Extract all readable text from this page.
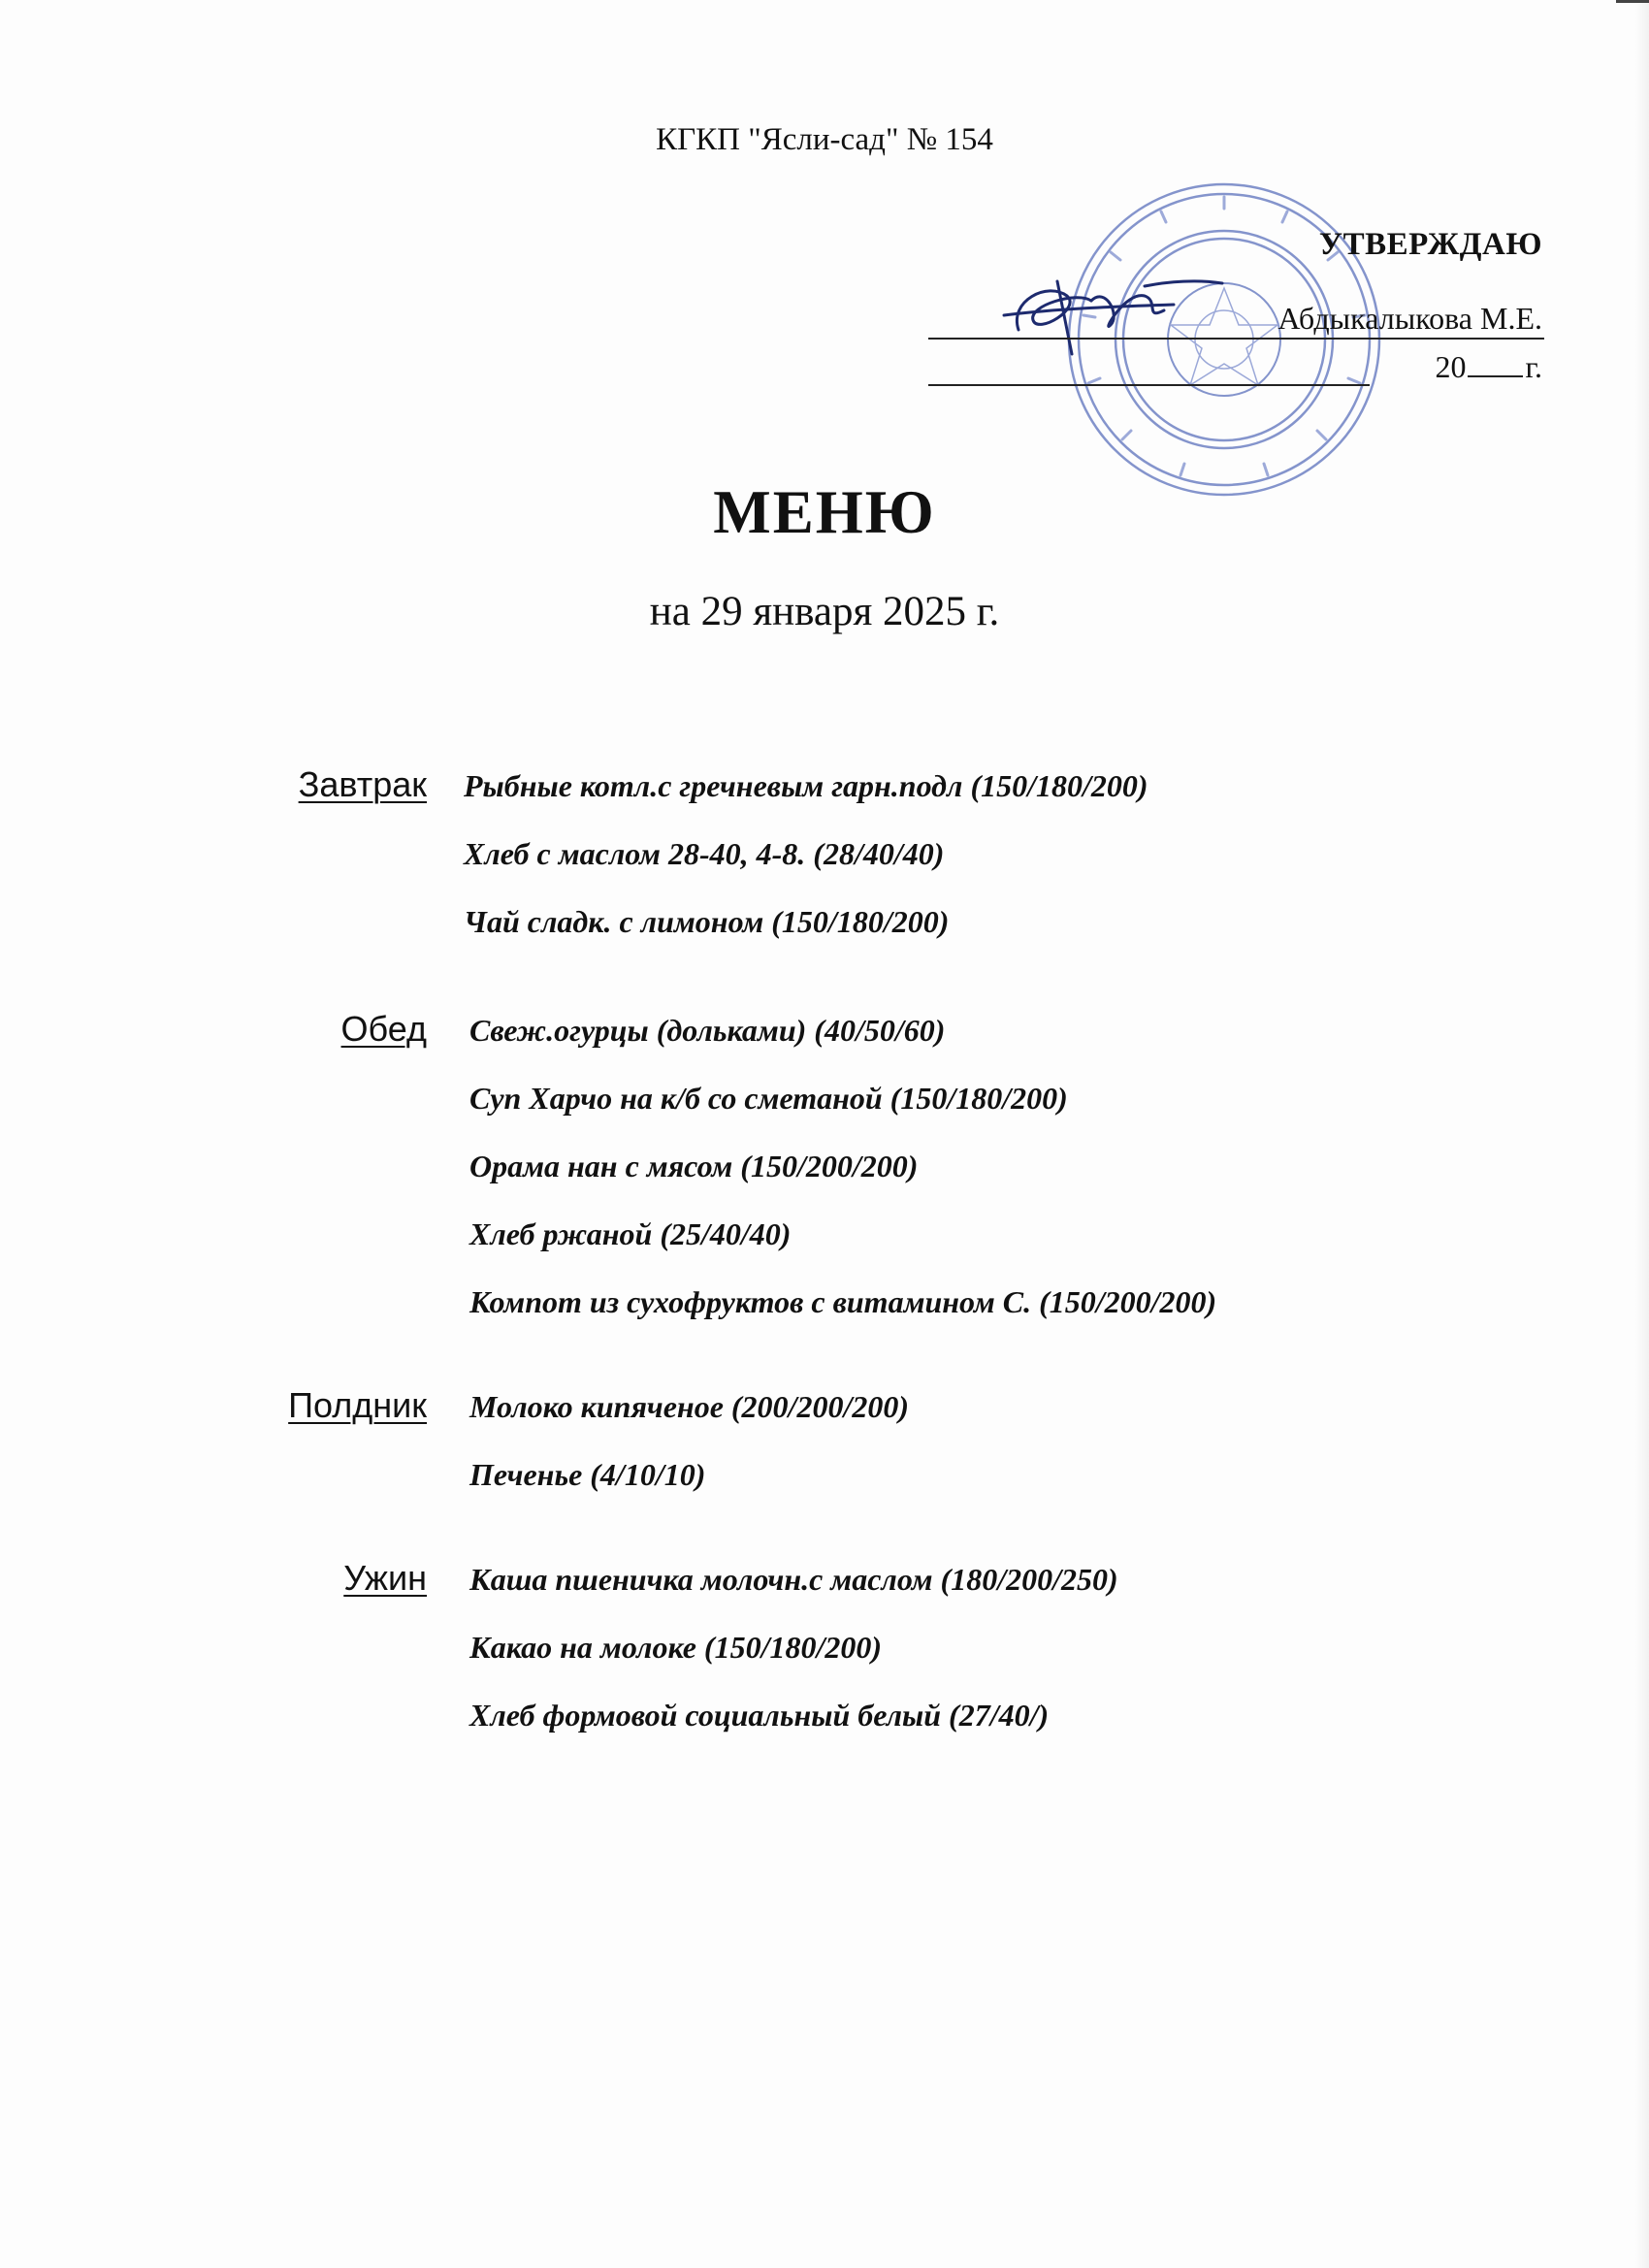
КГКП "Ясли-сад" № 154
УТВЕРЖДАЮ
Абдыкалыкова М.Е.
20 г.
МЕНЮ
на 29 января 2025 г.
Завтрак Рыбные котл.с гречневым гарн.подл (150/180/200)
Хлеб с маслом 28-40, 4-8. (28/40/40)
Чай сладк. с лимоном (150/180/200)
Обед Свеж.огурцы (дольками) (40/50/60)
Суп Харчо на к/б со сметаной (150/180/200)
Орама нан с мясом (150/200/200)
Хлеб ржаной (25/40/40)
Компот из сухофруктов с витамином С. (150/200/200)
Полдник Молоко кипяченое (200/200/200)
Печенье (4/10/10)
Ужин Каша пшеничка молочн.с маслом (180/200/250)
Какао на молоке (150/180/200)
Хлеб формовой социальный белый (27/40/)
